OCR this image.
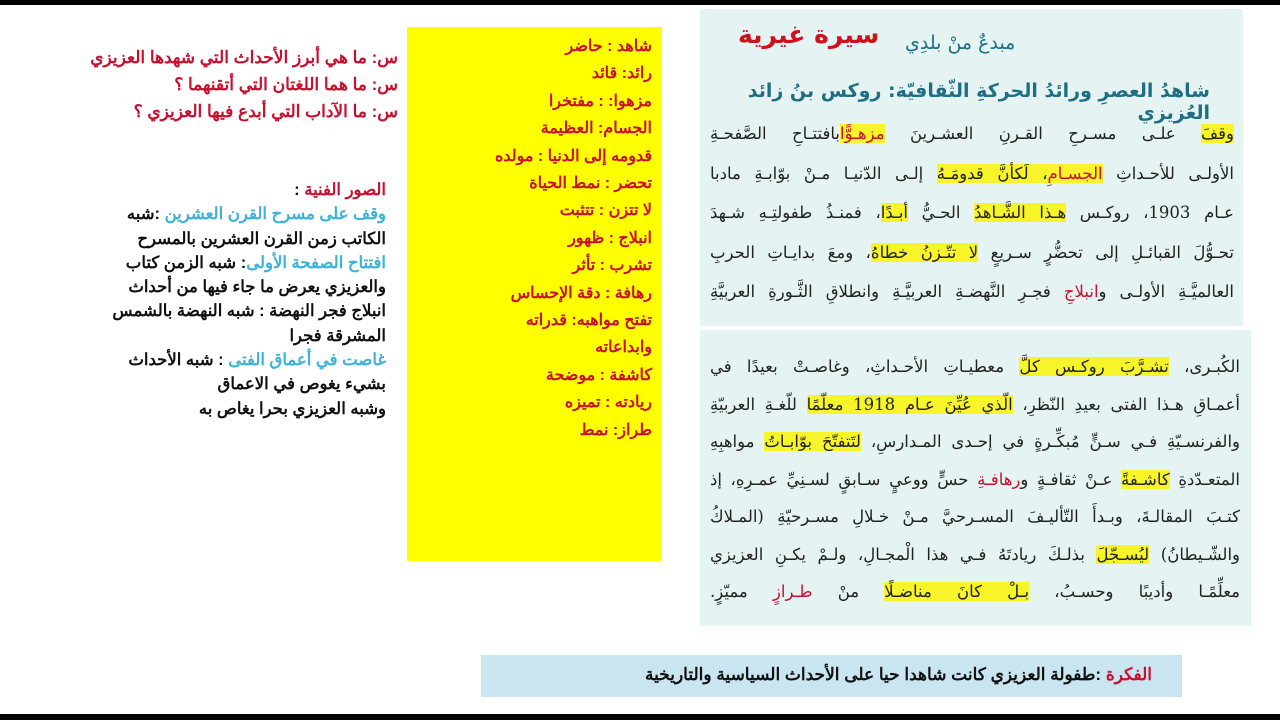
سيرة غيرية مبدعٌ منْ بلدِي
شاهدُ العصرِ ورائدُ الحركةِ الثّقافيّة: روكس بنُ زائد العُزيزي
وقفَ علـى مسـرحِ القـرنِ العشـرينَ مزهـوًّابافتتـاحِ الصَّفحـةِ
الأولـى للأحـداثِ الجسـامِ، لَكأنَّ قدومَـهُ إلـى الدّنيـا مـنْ بوّابـةِ مادبا
عـام 1903، روكـس هـذا الشَّـاهدُ الحـيُّ أبـدًا، فمنـذُ طفولتِـهِ شـهدَ
تحـوُّلَ القبائـلِ إلى تحضُّرٍ سـريعٍ لا تتّـزنُ خطاهُ، ومعَ بدايـاتِ الحربِ
العالميَّـةِ الأولـى وانبلاجِ فجـرِ النَّهضـةِ العربيَّـةِ وانطلاقِ الثَّـورةِ العربيَّةِ
الكُبـرى، تشـرَّبَ روكـس كلَّ معطيـاتِ الأحـداثِ، وغاصـتْ بعيدًا في
أعمـاقِ هـذا الفتى بعيدِ النّظرِ، الّذي عُيِّنَ عـام 1918 معلّمًا للّغـةِ العربيّةِ
والفرنسـيّةِ فـي سـنٍّ مُبكِّـرةٍ في إحـدى المـدارسِ، لتَتفتّحَ بوّابـاتُ مواهبِهِ
المتعـدّدةِ كاشـفةً عـنْ ثقافـةٍ ورهافـةِ حسٍّ ووعيٍ سـابقٍ لسـنِيِّ عمـرِهِ، إذ
كتـبَ المقالـةَ، وبـدأَ التّأليـفَ المسـرحيَّ مـنْ خـلالِ مسـرحيّةِ (المـلاكُ
والشّـيطانُ) ليُسـجّلَ بذلـكَ ريادتَهُ فـي هذا الْمجـالِ، ولـمْ يكـنِ العزيزي
معلِّمًـا وأديبًا وحسـبُ، بـلْ كانَ مناضـلًا منْ طـرازٍ مميّزٍ.
شاهد : حاضر
رائد: قائد
مزهوا: : مفتخرا
الجسام: العظيمة
قدومه إلى الدنيا : مولده
تحضر : نمط الحياة
لا تتزن : تتثبت
انبلاج : ظهور
تشرب : تأثر
رهافة : دقة الإحساس
تفتح مواهبه: قدراته
وابداعاته
كاشفة : موضحة
ريادته : تميزه
طراز: نمط
س: ما هي أبرز الأحداث التي شهدها العزيزي
س: ما هما اللغتان التي أتقنهما ؟
س: ما الآداب التي أبدع فيها العزيزي ؟
الصور الفنية :
وقف على مسرح القرن العشرين :شبه
الكاتب زمن القرن العشرين بالمسرح
افتتاح الصفحة الأولى: شبه الزمن كتاب
والعزيزي يعرض ما جاء فيها من أحداث
انبلاج فجر النهضة : شبه النهضة بالشمس
المشرقة فجرا
غاصت في أعماق الفتى : شبه الأحداث
بشيء يغوص في الاعماق
وشبه العزيزي بحرا يغاص به
الفكرة :طفولة العزيزي كانت شاهدا حيا على الأحداث السياسية والتاريخية
